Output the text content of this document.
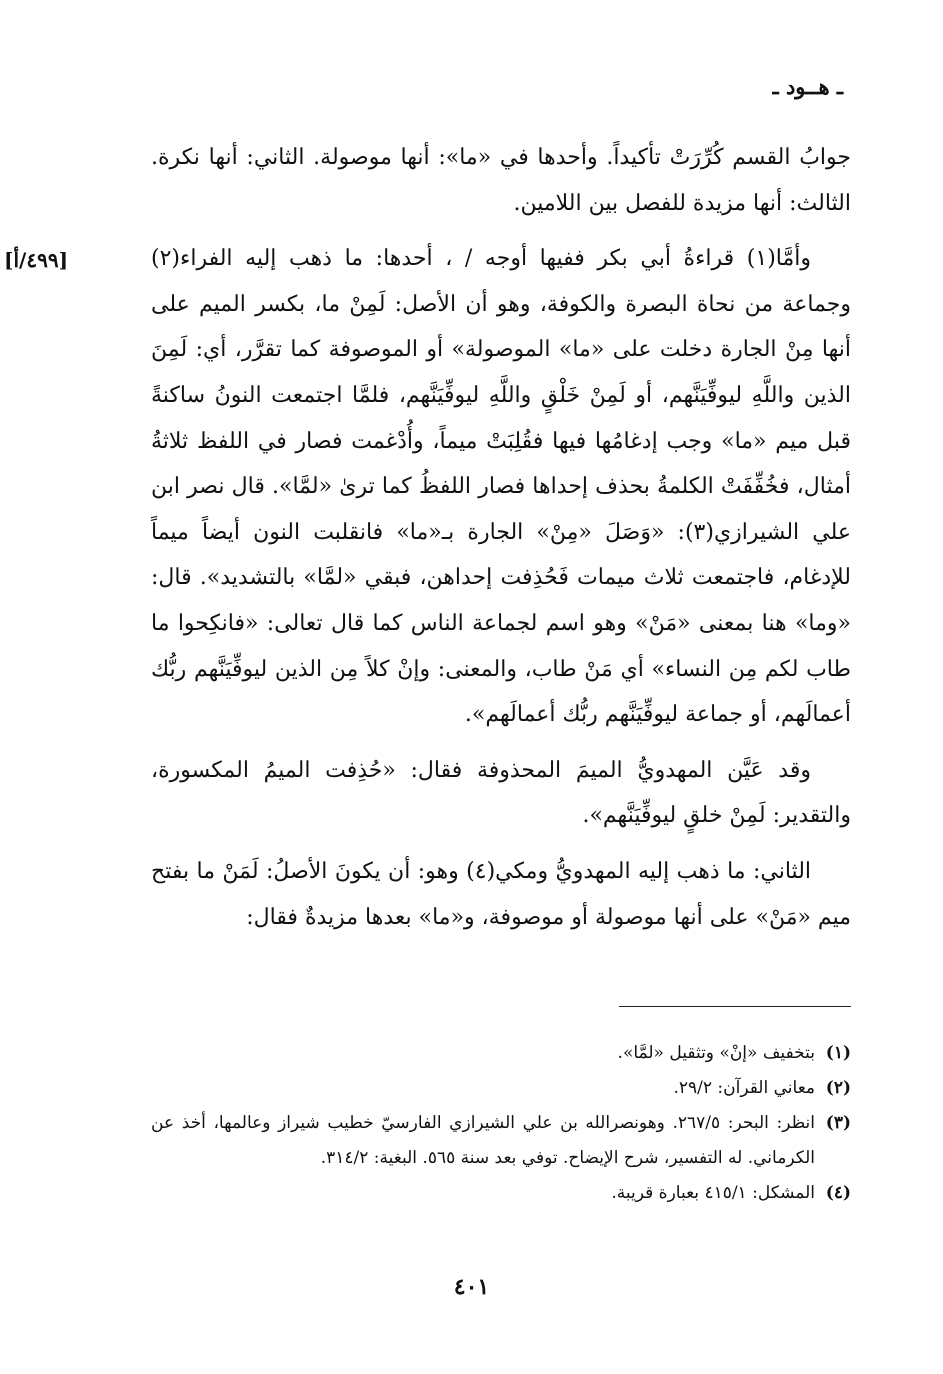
ـ هــود ـ
[٤٩٩/أ]

جوابُ القسم كُرِّرَتْ تأكيداً. وأحدها في «ما»: أنها موصولة. الثاني: أنها نكرة. الثالث: أنها مزيدة للفصل بين اللامين.

وأمَّا(١) قراءةُ أبي بكر ففيها أوجه / ، أحدها: ما ذهب إليه الفراء(٢) وجماعة من نحاة البصرة والكوفة، وهو أن الأصل: لَمِنْ ما، بكسر الميم على أنها مِنْ الجارة دخلت على «ما» الموصولة» أو الموصوفة كما تقرَّر، أي: لَمِنَ الذين واللَّهِ ليوفِّيَنَّهم، أو لَمِنْ خَلْقٍ واللَّهِ ليوفِّيَنَّهم، فلمَّا اجتمعت النونُ ساكنةً قبل ميم «ما» وجب إدغامُها فيها فقُلِبَتْ ميماً، وأُدْغمت فصار في اللفظ ثلاثةُ أمثال، فخُفِّفَتْ الكلمةُ بحذف إحداها فصار اللفظُ كما ترىٰ «لمَّا». قال نصر ابن علي الشيرازي(٣): «وَصَلَ «مِنْ» الجارة بـ«ما» فانقلبت النون أيضاً ميماً للإدغام، فاجتمعت ثلاث ميمات فَحُذِفت إحداهن، فبقي «لمَّا» بالتشديد». قال: «وما» هنا بمعنى «مَنْ» وهو اسم لجماعة الناس كما قال تعالى: «فانكِحوا ما طاب لكم مِن النساء» أي مَنْ طاب، والمعنى: وإنْ كلاً مِن الذين ليوفِّيَنَّهم ربُّك أعمالَهم، أو جماعة ليوفِّيَنَّهم ربُّك أعمالَهم».

وقد عَيَّن المهدويُّ الميمَ المحذوفة فقال: «حُذِفت الميمُ المكسورة، والتقدير: لَمِنْ خلقٍ ليوفِّيَنَّهم».

الثاني: ما ذهب إليه المهدويُّ ومكي(٤) وهو: أن يكونَ الأصلُ: لَمَنْ ما بفتح ميم «مَنْ» على أنها موصولة أو موصوفة، و«ما» بعدها مزيدةٌ فقال:

(١)
بتخفيف «إنْ» وتثقيل «لمَّا».

(٢)
معاني القرآن: ٢٩/٢.

(٣)
انظر: البحر: ٢٦٧/٥. وهونصرالله بن علي الشيرازي الفارسيّ خطيب شيراز وعالمها، أخذ عن الكرماني. له التفسير، شرح الإيضاح. توفي بعد سنة ٥٦٥. البغية: ٣١٤/٢.

(٤)
المشكل: ٤١٥/١ بعبارة قريبة.

٤٠١
